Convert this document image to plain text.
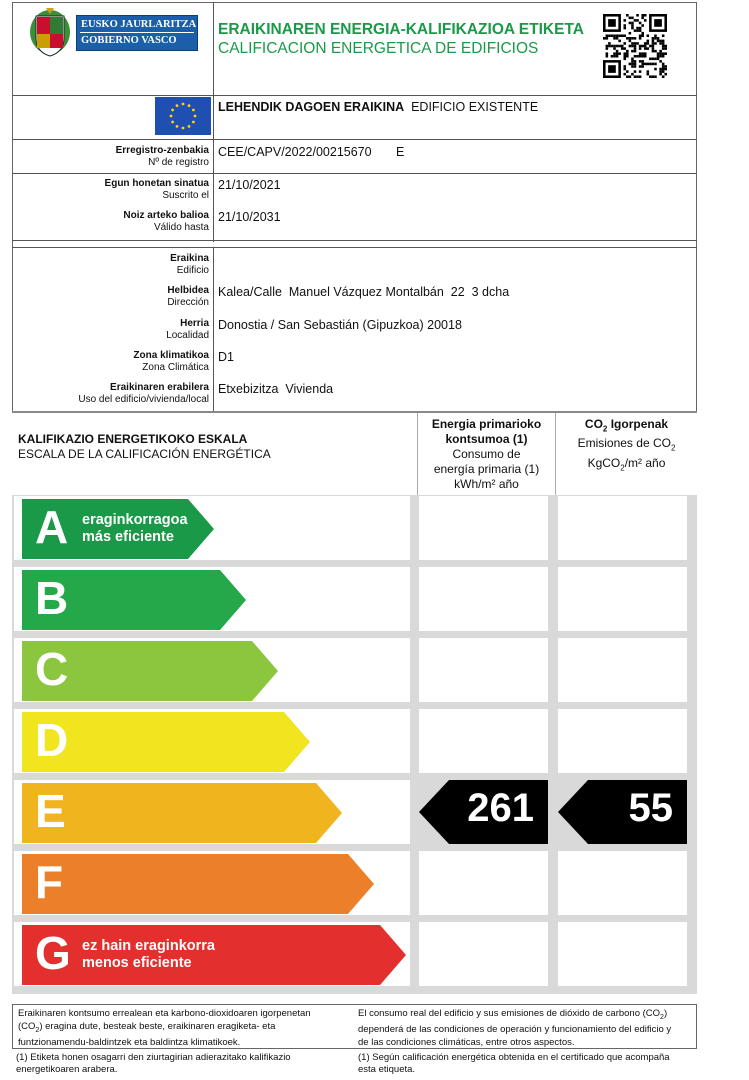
EUSKO JAURLARITZA
GOBIERNO VASCO
ERAIKINAREN ENERGIA-KALIFIKAZIOA ETIKETA
CALIFICACION ENERGETICA DE EDIFICIOS
LEHENDIK DAGOEN ERAIKINA EDIFICIO EXISTENTE
Erregistro-zenbakia
Nº de registro
CEE/CAPV/2022/00215670 E
Egun honetan sinatua
Suscrito el
21/10/2021
Noiz arteko balioa
Válido hasta
21/10/2031
Eraikina
Edificio
Helbidea
Dirección
Kalea/Calle  Manuel Vázquez Montalbán  22  3 dcha
Herria
Localidad
Donostia / San Sebastián (Gipuzkoa) 20018
Zona klimatikoa
Zona Climática
D1
Eraikinaren erabilera
Uso del edificio/vivienda/local
Etxebizitza  Vivienda
KALIFIKAZIO ENERGETIKOKO ESKALA
ESCALA DE LA CALIFICACIÓN ENERGÉTICA
Energia primarioko
kontsumoa (1)
Consumo de
energía primaria (1)
kWh/m² año
$CO_2$ Igorpenak
Emisiones de $CO_2$
KgCO$_2$/m² año
A eraginkorragoa
más eficiente
B
C
D
E	261 55
F
G ez hain eraginkorra
menos eficiente
Eraikinaren kontsumo errealean eta karbono-dioxidoaren igorpenetan
$(CO_2)$ eragina dute, besteak beste, eraikinaren eragiketa- eta
funtzionamendu-baldintzek eta baldintza klimatikoek.
El consumo real del edificio y sus emisiones de dióxido de carbono $(CO_2)$
dependerá de las condiciones de operación y funcionamiento del edificio y
de las condiciones climáticas, entre otros aspectos.
(1) Etiketa honen osagarri den ziurtagirian adierazitako kalifikazio
energetikoaren arabera.
(1) Según calificación energética obtenida en el certificado que acompaña
esta etiqueta.
